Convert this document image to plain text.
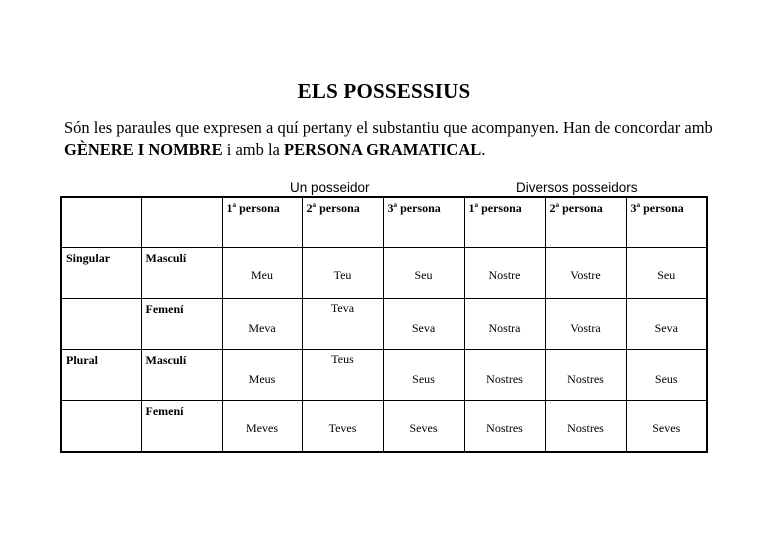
ELS POSSESSIUS
Són les paraules que expresen a quí pertany el substantiu que acompanyen. Han de concordar amb GÈNERE I NOMBRE i amb la PERSONA GRAMATICAL.
Un posseidor	Diversos posseidors
		1ª persona	2ª persona	3ª persona	1ª persona	2ª persona	3ª persona
Singular	Masculí	Meu	Teu	Seu	Nostre	Vostre	Seu

	Femení	Meva	Teva	Seva	Nostra	Vostra	Seva

Plural	Masculí	Meus	Teus	Seus	Nostres	Nostres	Seus

	Femení	Meves	Teves	Seves	Nostres	Nostres	Seves
